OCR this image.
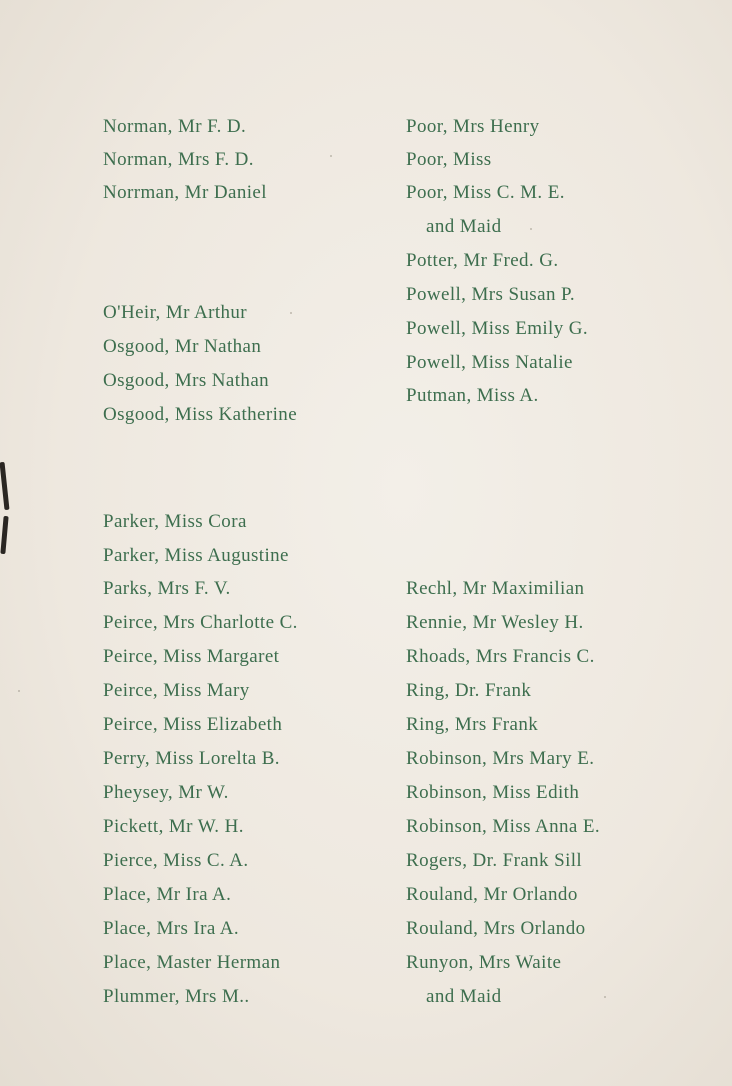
Norman, Mr F. D.
Norman, Mrs F. D.
Norrman, Mr Daniel
O'Heir, Mr Arthur
Osgood, Mr Nathan
Osgood, Mrs Nathan
Osgood, Miss Katherine
Parker, Miss Cora
Parker, Miss Augustine
Parks, Mrs F. V.
Peirce, Mrs Charlotte C.
Peirce, Miss Margaret
Peirce, Miss Mary
Peirce, Miss Elizabeth
Perry, Miss Lorelta B.
Pheysey, Mr W.
Pickett, Mr W. H.
Pierce, Miss C. A.
Place, Mr Ira A.
Place, Mrs Ira A.
Place, Master Herman
Plummer, Mrs M..
Poor, Mrs Henry
Poor, Miss
Poor, Miss C. M. E.
and Maid
Potter, Mr Fred. G.
Powell, Mrs Susan P.
Powell, Miss Emily G.
Powell, Miss Natalie
Putman, Miss A.
Rechl, Mr Maximilian
Rennie, Mr Wesley H.
Rhoads, Mrs Francis C.
Ring, Dr. Frank
Ring, Mrs Frank
Robinson, Mrs Mary E.
Robinson, Miss Edith
Robinson, Miss Anna E.
Rogers, Dr. Frank Sill
Rouland, Mr Orlando
Rouland, Mrs Orlando
Runyon, Mrs Waite
and Maid
